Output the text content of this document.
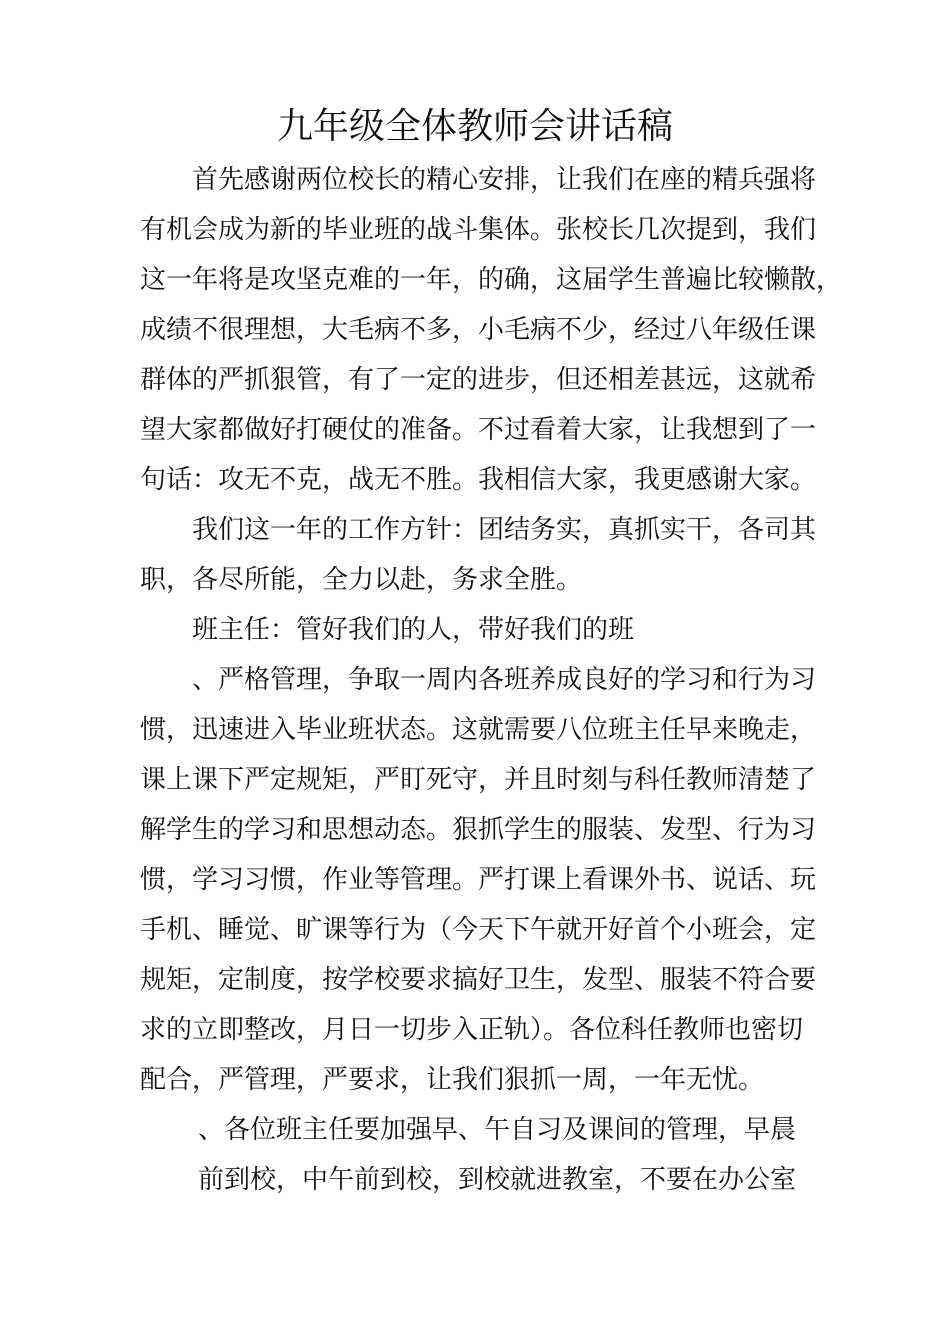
九年级全体教师会讲话稿
首先感谢两位校长的精心安排，让我们在座的精兵强将
有机会成为新的毕业班的战斗集体。张校长几次提到，我们
这一年将是攻坚克难的一年，的确，这届学生普遍比较懒散，
成绩不很理想，大毛病不多，小毛病不少，经过八年级任课
群体的严抓狠管，有了一定的进步，但还相差甚远，这就希
望大家都做好打硬仗的准备。不过看着大家，让我想到了一
句话：攻无不克，战无不胜。我相信大家，我更感谢大家。
我们这一年的工作方针：团结务实，真抓实干，各司其
职，各尽所能，全力以赴，务求全胜。
班主任：管好我们的人，带好我们的班
、严格管理，争取一周内各班养成良好的学习和行为习
惯，迅速进入毕业班状态。这就需要八位班主任早来晚走，
课上课下严定规矩，严盯死守，并且时刻与科任教师清楚了
解学生的学习和思想动态。狠抓学生的服装、发型、行为习
惯，学习习惯，作业等管理。严打课上看课外书、说话、玩
手机、睡觉、旷课等行为（今天下午就开好首个小班会，定
规矩，定制度，按学校要求搞好卫生，发型、服装不符合要
求的立即整改，月日一切步入正轨）。各位科任教师也密切
配合，严管理，严要求，让我们狠抓一周，一年无忧。
、各位班主任要加强早、午自习及课间的管理，早晨
前到校，中午前到校，到校就进教室，不要在办公室
